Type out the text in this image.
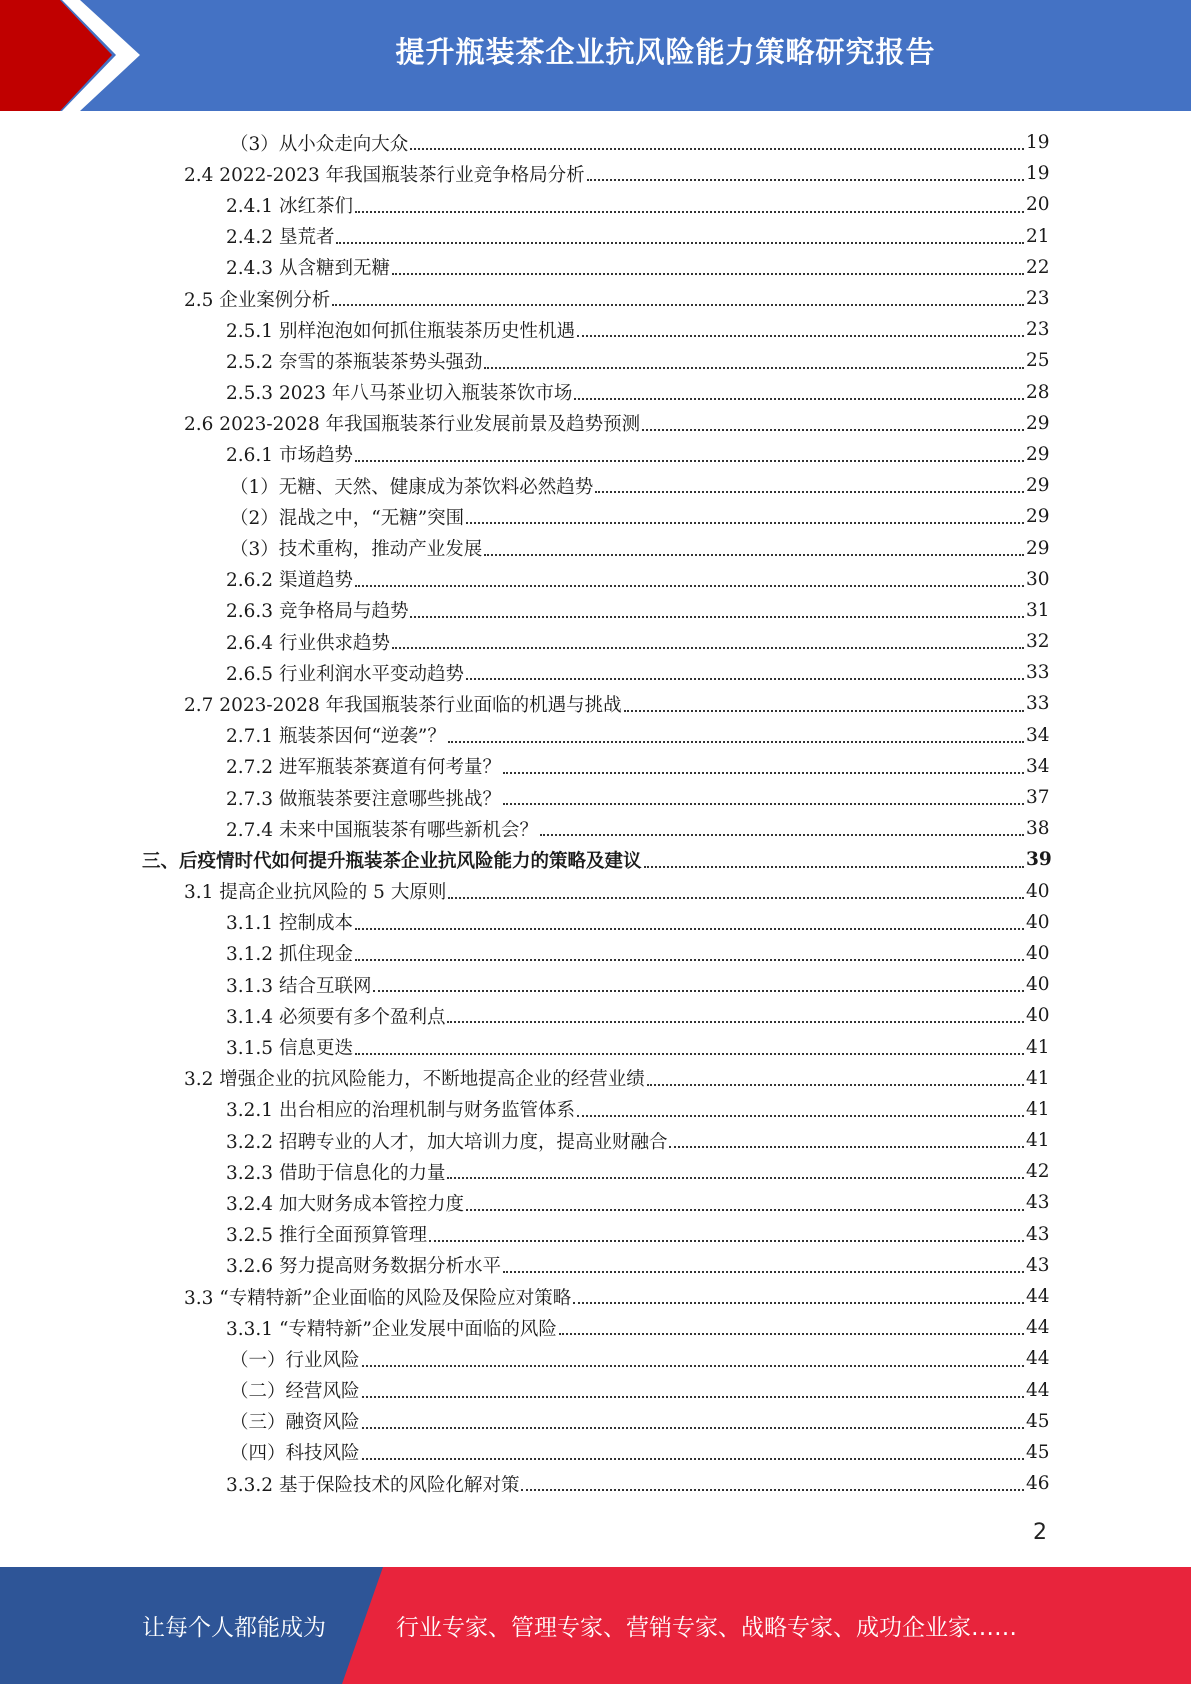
提升瓶装茶企业抗风险能力策略研究报告
（3）从小众走向大众	19
2.4 2022-2023 年我国瓶装茶行业竞争格局分析	19
2.4.1 冰红茶们	20
2.4.2 垦荒者	21
2.4.3 从含糖到无糖	22
2.5 企业案例分析	23
2.5.1 别样泡泡如何抓住瓶装茶历史性机遇	23
2.5.2 奈雪的茶瓶装茶势头强劲	25
2.5.3 2023 年八马茶业切入瓶装茶饮市场	28
2.6 2023-2028 年我国瓶装茶行业发展前景及趋势预测	29
2.6.1 市场趋势	29
（1）无糖、天然、健康成为茶饮料必然趋势	29
（2）混战之中，“无糖”突围	29
（3）技术重构，推动产业发展	29
2.6.2 渠道趋势	30
2.6.3 竞争格局与趋势	31
2.6.4 行业供求趋势	32
2.6.5 行业利润水平变动趋势	33
2.7 2023-2028 年我国瓶装茶行业面临的机遇与挑战	33
2.7.1 瓶装茶因何“逆袭”？	34
2.7.2 进军瓶装茶赛道有何考量？	34
2.7.3 做瓶装茶要注意哪些挑战？	37
2.7.4 未来中国瓶装茶有哪些新机会？	38
三、后疫情时代如何提升瓶装茶企业抗风险能力的策略及建议	39
3.1 提高企业抗风险的 5 大原则	40
3.1.1 控制成本	40
3.1.2 抓住现金	40
3.1.3 结合互联网	40
3.1.4 必须要有多个盈利点	40
3.1.5 信息更迭	41
3.2 增强企业的抗风险能力，不断地提高企业的经营业绩	41
3.2.1 出台相应的治理机制与财务监管体系	41
3.2.2 招聘专业的人才，加大培训力度，提高业财融合	41
3.2.3 借助于信息化的力量	42
3.2.4 加大财务成本管控力度	43
3.2.5 推行全面预算管理	43
3.2.6 努力提高财务数据分析水平	43
3.3 “专精特新”企业面临的风险及保险应对策略	44
3.3.1 “专精特新”企业发展中面临的风险	44
（一）行业风险	44
（二）经营风险	44
（三）融资风险	45
（四）科技风险	45
3.3.2 基于保险技术的风险化解对策	46
2
让每个人都能成为	行业专家、管理专家、营销专家、战略专家、成功企业家……
